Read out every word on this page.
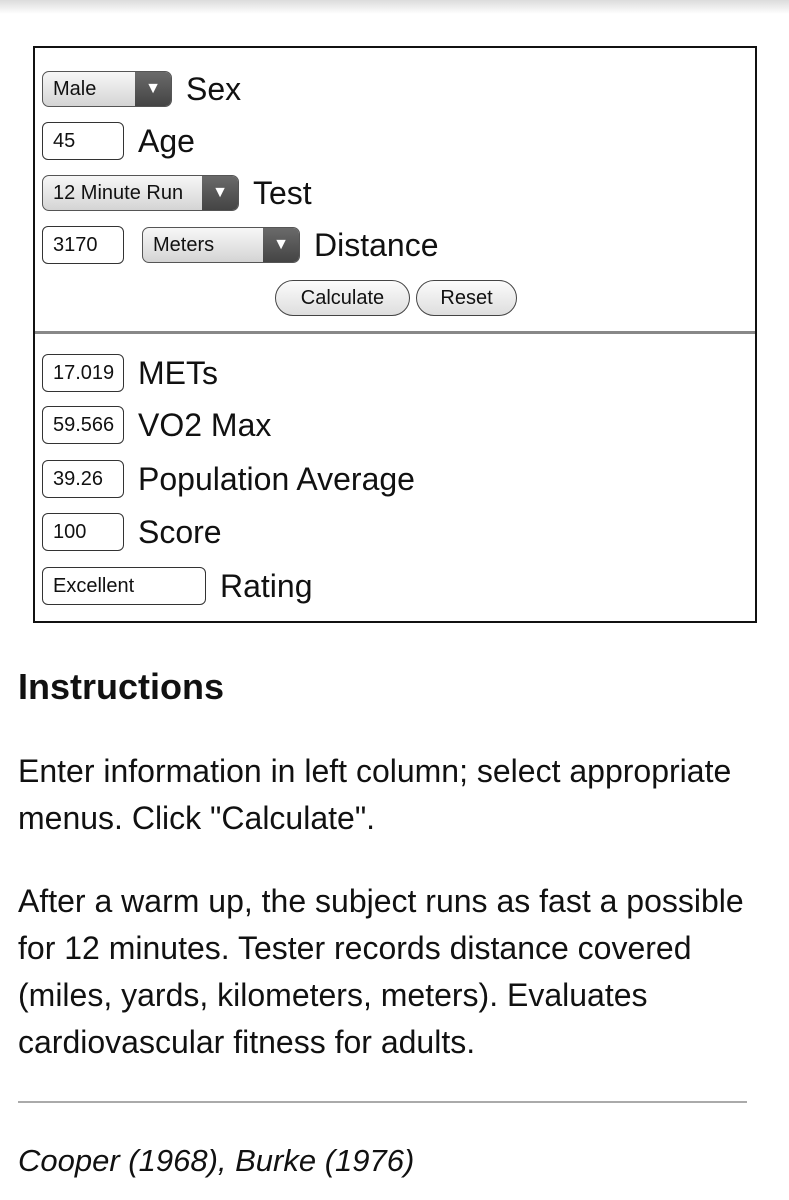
Male	▼ Sex
45	Age
12 Minute Run	▼ Test
3170	Meters	▼ Distance
Calculate	Reset
17.019 METs
59.566 VO2 Max
39.26	Population Average
100	Score
Excellent	Rating
Instructions

Enter information in left column; select appropriate menus. Click "Calculate".

After a warm up, the subject runs as fast a possible for 12 minutes. Tester records distance covered (miles, yards, kilometers, meters). Evaluates cardiovascular fitness for adults.

Cooper (1968), Burke (1976)
